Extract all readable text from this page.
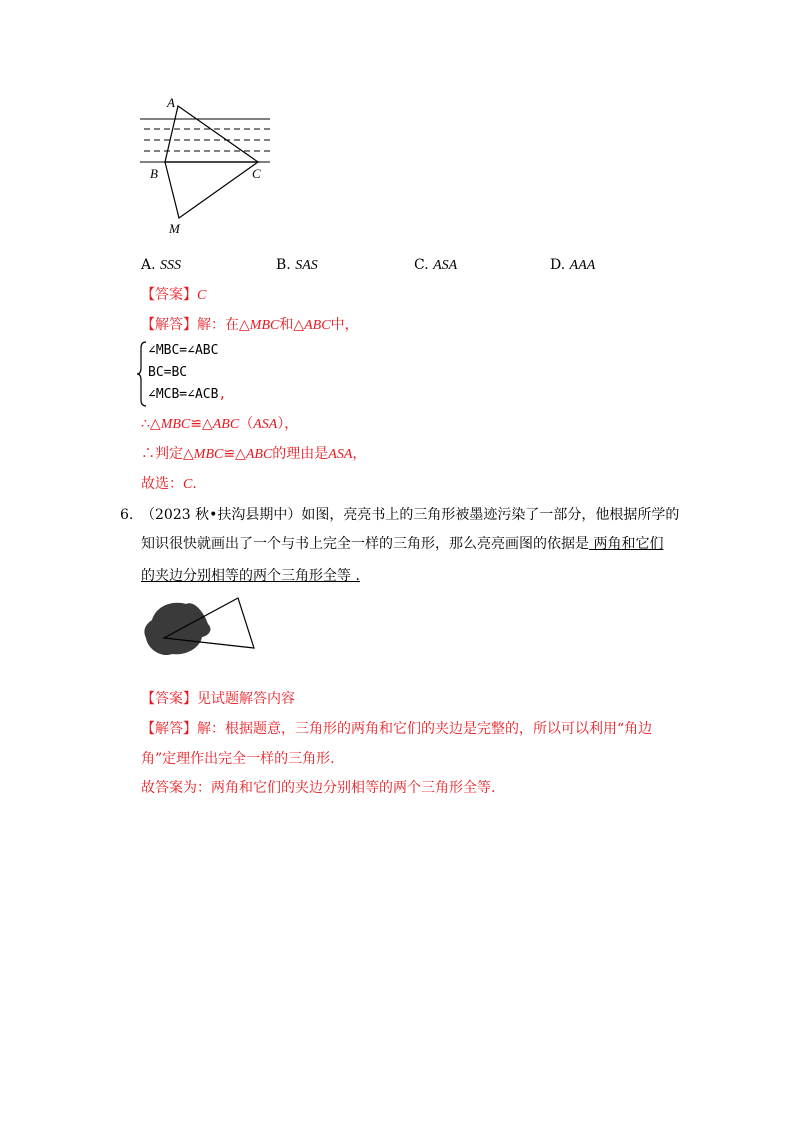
A
B	C
M
A. SSS	B. SAS	C. ASA	D. AAA
【答案】C
【解答】解：在△MBC和△ABC中，
∠MBC=∠ABC
BC=BC
∠MCB=∠ACB,
∴△MBC≌△ABC（ASA），
∴判定△MBC≌△ABC的理由是ASA，
故选：C.
6. （2023 秋•扶沟县期中）如图，亮亮书上的三角形被墨迹污染了一部分，他根据所学的
知识很快就画出了一个与书上完全一样的三角形，那么亮亮画图的依据是 两角和它们
的夹边分别相等的两个三角形全等 .
【答案】见试题解答内容
【解答】解：根据题意，三角形的两角和它们的夹边是完整的，所以可以利用“角边
角”定理作出完全一样的三角形.
故答案为：两角和它们的夹边分别相等的两个三角形全等.
